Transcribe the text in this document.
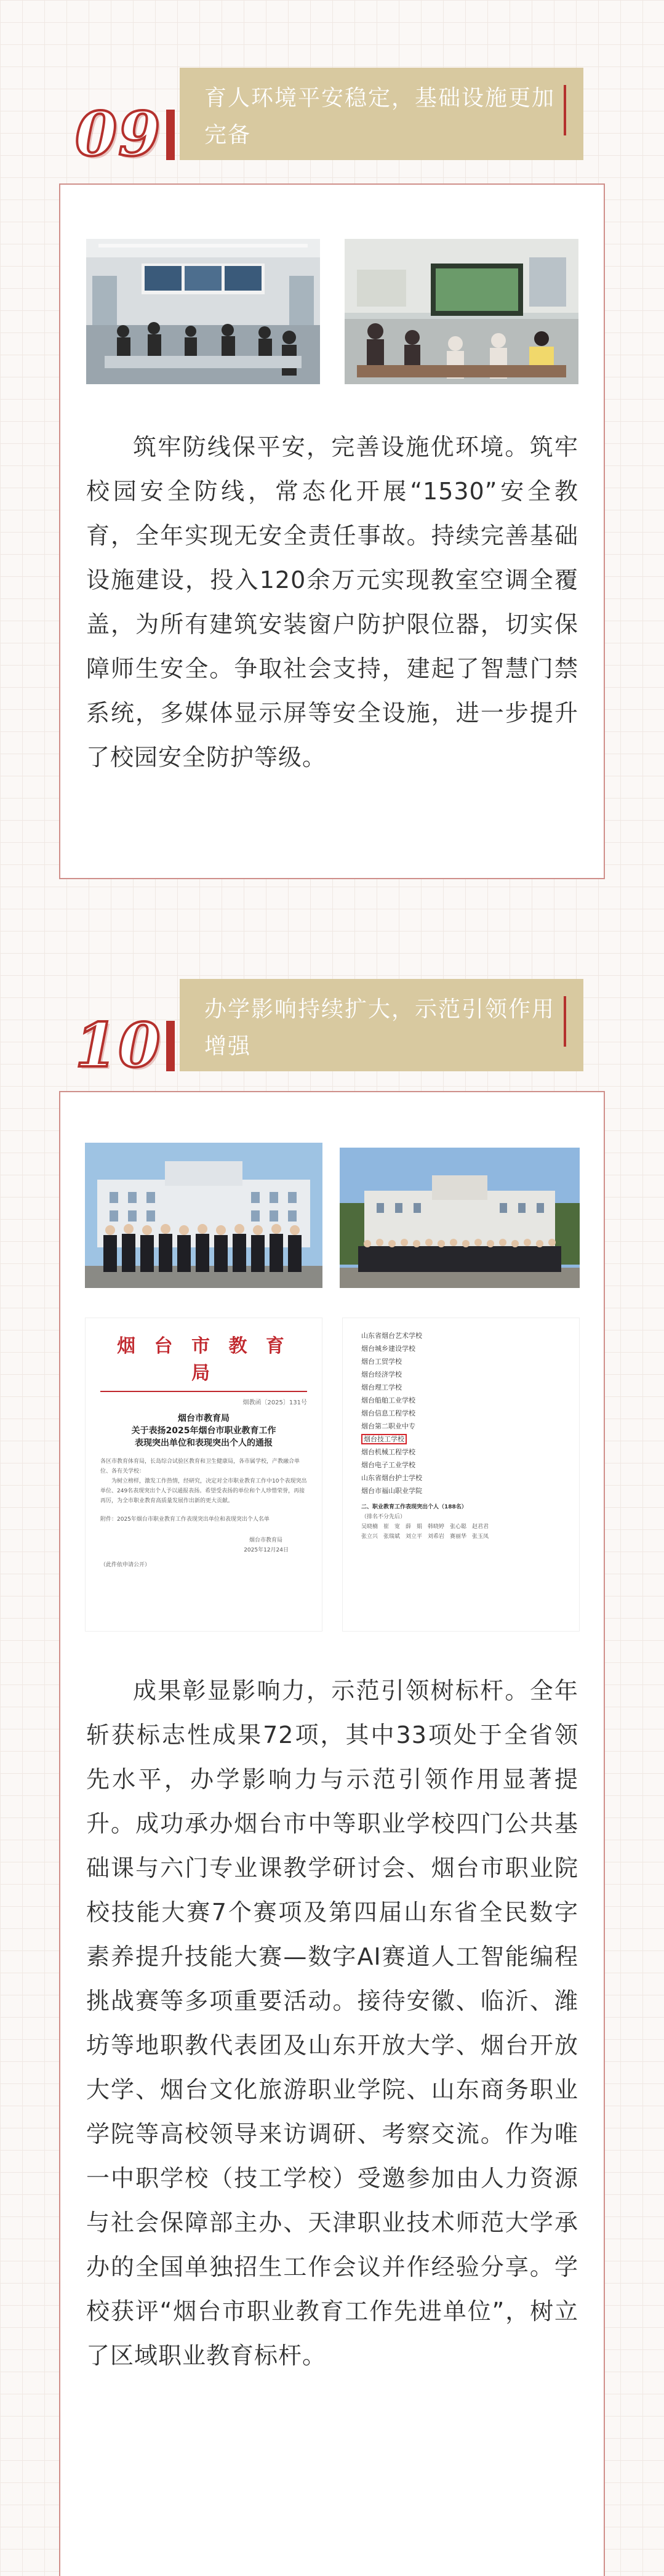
09

育人环境平安稳定，基础设施更加完备

筑牢防线保平安，完善设施优环境。筑牢校园安全防线，常态化开展“1530”安全教育，全年实现无安全责任事故。持续完善基础设施建设，投入120余万元实现教室空调全覆盖，为所有建筑安装窗户防护限位器，切实保障师生安全。争取社会支持，建起了智慧门禁系统，多媒体显示屏等安全设施，进一步提升了校园安全防护等级。

10

办学影响持续扩大，示范引领作用增强

烟 台 市 教 育 局
烟教函〔2025〕131号
烟台市教育局
关于表扬2025年烟台市职业教育工作
表现突出单位和表现突出个人的通报
各区市教育体育局，长岛综合试验区教育和卫生健康局，各市属学校，产教融合单位、各有关学校：
为树立榜样，激发工作热情，经研究，决定对全市职业教育工作中10个表现突出单位、249名表现突出个人予以通报表扬。希望受表扬的单位和个人珍惜荣誉，再接再厉，为全市职业教育高质量发展作出新的更大贡献。
附件：2025年烟台市职业教育工作表现突出单位和表现突出个人名单
烟台市教育局
2025年12月24日
（此件依申请公开）
山东省烟台艺术学校
烟台城乡建设学校
烟台工贸学校
烟台经济学校
烟台理工学校
烟台船舶工业学校
烟台信息工程学校
烟台第二职业中专
烟台技工学校
烟台机械工程学校
烟台电子工业学校
山东省烟台护士学校
烟台市福山职业学院
二、职业教育工作表现突出个人（188名）
（排名不分先后）
吴晓楠　崔　宽　薛　娟　韩晓婷　张心聪　赵君君
张立兴　张瑞斌　刘立平　刘希岩　赛丽华　张玉凤

成果彰显影响力，示范引领树标杆。全年斩获标志性成果72项，其中33项处于全省领先水平，办学影响力与示范引领作用显著提升。成功承办烟台市中等职业学校四门公共基础课与六门专业课教学研讨会、烟台市职业院校技能大赛7个赛项及第四届山东省全民数字素养提升技能大赛—数字AI赛道人工智能编程挑战赛等多项重要活动。接待安徽、临沂、潍坊等地职教代表团及山东开放大学、烟台开放大学、烟台文化旅游职业学院、山东商务职业学院等高校领导来访调研、考察交流。作为唯一中职学校（技工学校）受邀参加由人力资源与社会保障部主办、天津职业技术师范大学承办的全国单独招生工作会议并作经验分享。学校获评“烟台市职业教育工作先进单位”，树立了区域职业教育标杆。
